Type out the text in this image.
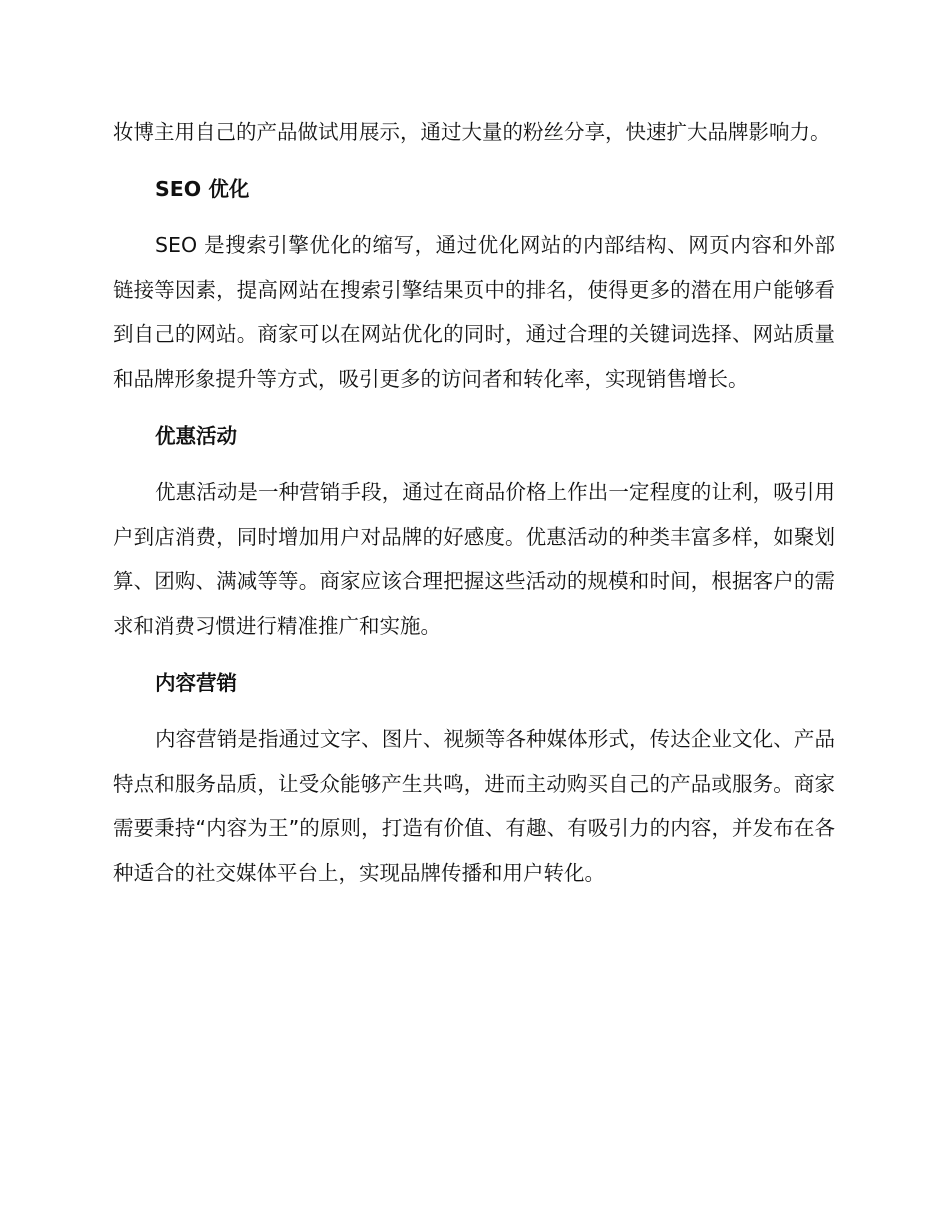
妆博主用自己的产品做试用展示，通过大量的粉丝分享，快速扩大品牌影响力。

SEO 优化

SEO 是搜索引擎优化的缩写，通过优化网站的内部结构、网页内容和外部链接等因素，提高网站在搜索引擎结果页中的排名，使得更多的潜在用户能够看到自己的网站。商家可以在网站优化的同时，通过合理的关键词选择、网站质量和品牌形象提升等方式，吸引更多的访问者和转化率，实现销售增长。

优惠活动

优惠活动是一种营销手段，通过在商品价格上作出一定程度的让利，吸引用户到店消费，同时增加用户对品牌的好感度。优惠活动的种类丰富多样，如聚划算、团购、满减等等。商家应该合理把握这些活动的规模和时间，根据客户的需求和消费习惯进行精准推广和实施。

内容营销

内容营销是指通过文字、图片、视频等各种媒体形式，传达企业文化、产品特点和服务品质，让受众能够产生共鸣，进而主动购买自己的产品或服务。商家需要秉持“内容为王”的原则，打造有价值、有趣、有吸引力的内容，并发布在各种适合的社交媒体平台上，实现品牌传播和用户转化。
